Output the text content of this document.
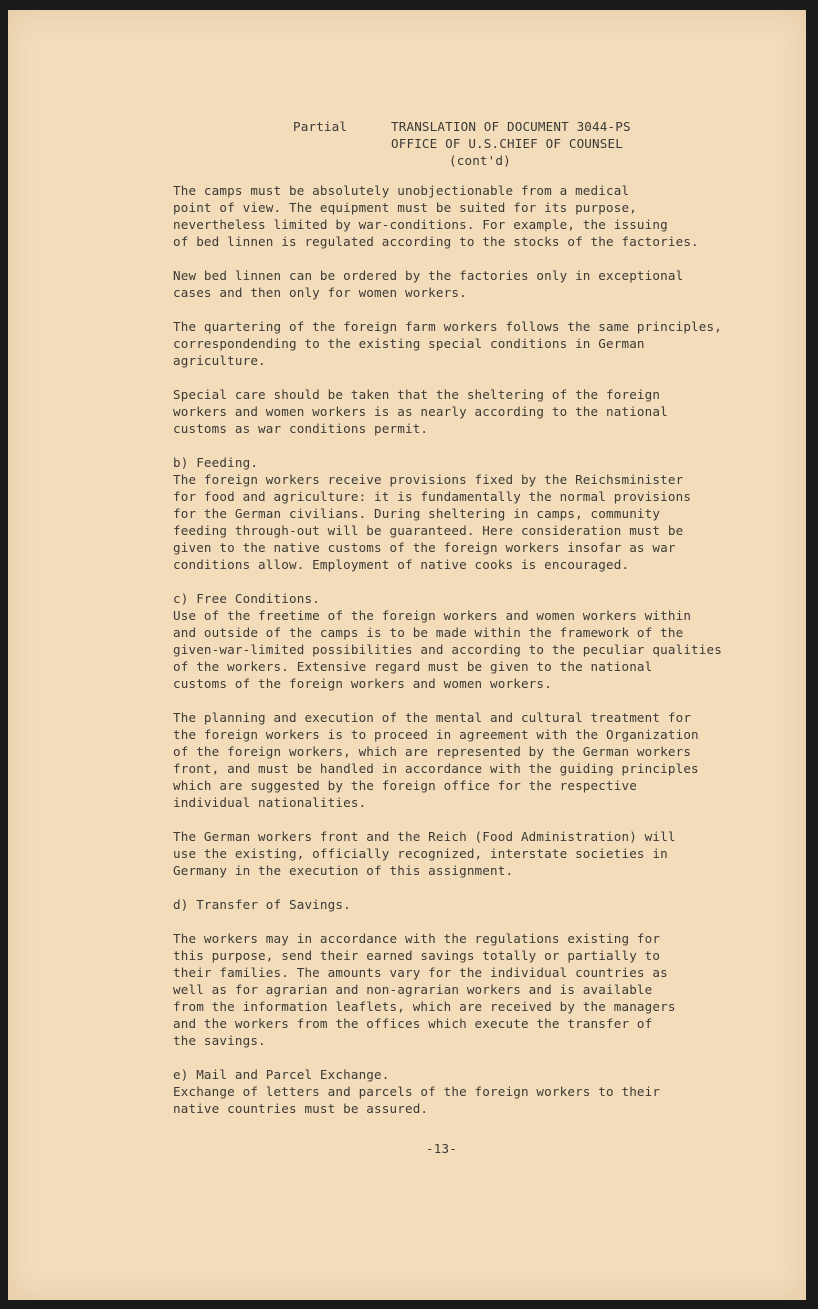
Partial	TRANSLATION OF DOCUMENT 3044-PS
OFFICE OF U.S.CHIEF OF COUNSEL
(cont'd)

The camps must be absolutely unobjectionable from a medical
point of view. The equipment must be suited for its purpose,
nevertheless limited by war-conditions. For example, the issuing
of bed linnen is regulated according to the stocks of the factories.

New bed linnen can be ordered by the factories only in exceptional
cases and then only for women workers.

The quartering of the foreign farm workers follows the same principles,
correspondending to the existing special conditions in German
agriculture.

Special care should be taken that the sheltering of the foreign
workers and women workers is as nearly according to the national
customs as war conditions permit.

b) Feeding.

The foreign workers receive provisions fixed by the Reichsminister
for food and agriculture: it is fundamentally the normal provisions
for the German civilians. During sheltering in camps, community
feeding through-out will be guaranteed. Here consideration must be
given to the native customs of the foreign workers insofar as war
conditions allow. Employment of native cooks is encouraged.

c) Free Conditions.

Use of the freetime of the foreign workers and women workers within
and outside of the camps is to be made within the framework of the
given-war-limited possibilities and according to the peculiar qualities
of the workers. Extensive regard must be given to the national
customs of the foreign workers and women workers.

The planning and execution of the mental and cultural treatment for
the foreign workers is to proceed in agreement with the Organization
of the foreign workers, which are represented by the German workers
front, and must be handled in accordance with the guiding principles
which are suggested by the foreign office for the respective
individual nationalities.

The German workers front and the Reich (Food Administration) will
use the existing, officially recognized, interstate societies in
Germany in the execution of this assignment.

d) Transfer of Savings.

The workers may in accordance with the regulations existing for
this purpose, send their earned savings totally or partially to
their families. The amounts vary for the individual countries as
well as for agrarian and non-agrarian workers and is available
from the information leaflets, which are received by the managers
and the workers from the offices which execute the transfer of
the savings.

e) Mail and Parcel Exchange.

Exchange of letters and parcels of the foreign workers to their
native countries must be assured.

-13-
